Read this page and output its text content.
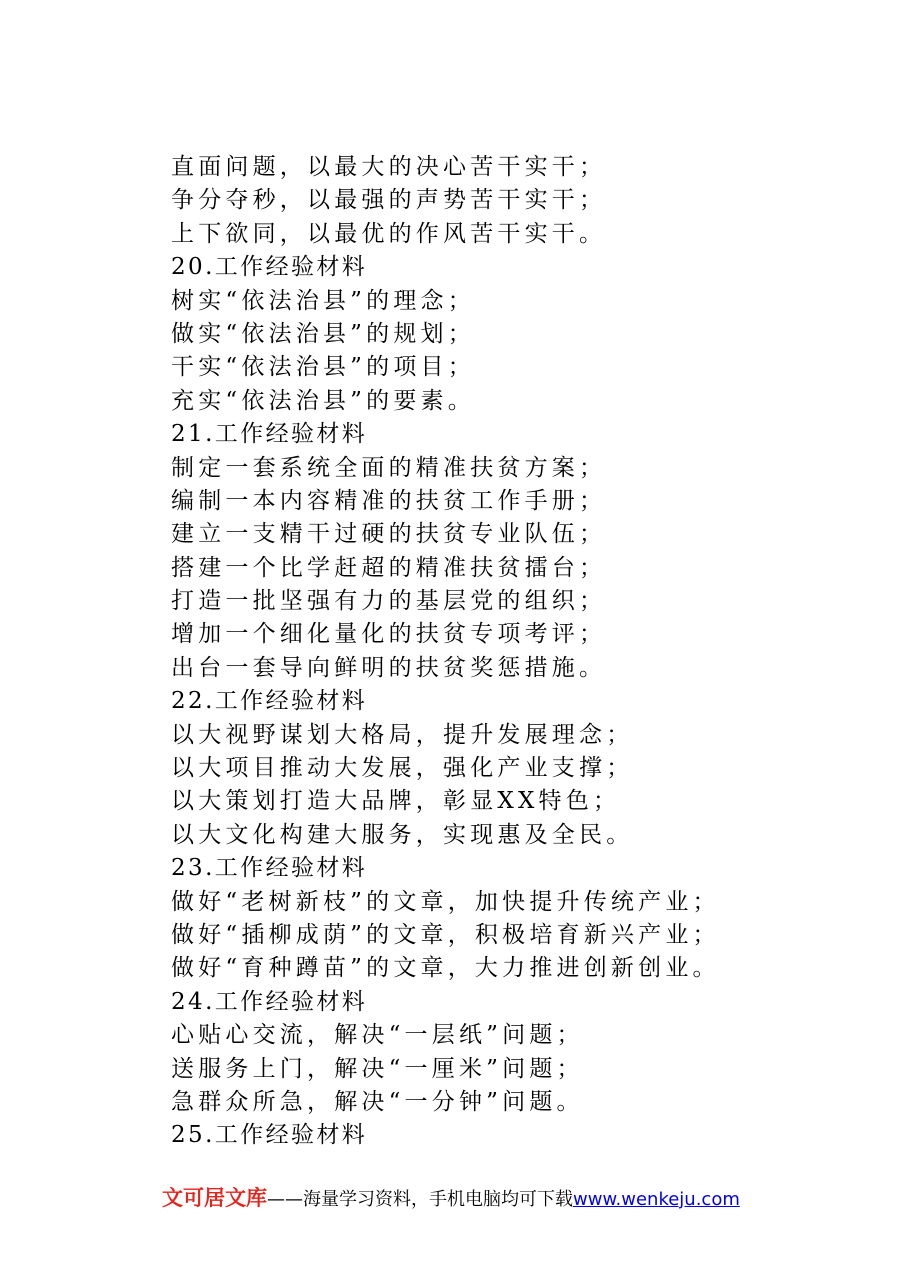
直面问题，以最大的决心苦干实干；
争分夺秒，以最强的声势苦干实干；
上下欲同，以最优的作风苦干实干。
20.工作经验材料
树实“依法治县”的理念；
做实“依法治县”的规划；
干实“依法治县”的项目；
充实“依法治县”的要素。
21.工作经验材料
制定一套系统全面的精准扶贫方案；
编制一本内容精准的扶贫工作手册；
建立一支精干过硬的扶贫专业队伍；
搭建一个比学赶超的精准扶贫擂台；
打造一批坚强有力的基层党的组织；
增加一个细化量化的扶贫专项考评；
出台一套导向鲜明的扶贫奖惩措施。
22.工作经验材料
以大视野谋划大格局，提升发展理念；
以大项目推动大发展，强化产业支撑；
以大策划打造大品牌，彰显XX特色；
以大文化构建大服务，实现惠及全民。
23.工作经验材料
做好“老树新枝”的文章，加快提升传统产业；
做好“插柳成荫”的文章，积极培育新兴产业；
做好“育种蹲苗”的文章，大力推进创新创业。
24.工作经验材料
心贴心交流，解决“一层纸”问题；
送服务上门，解决“一厘米”问题；
急群众所急，解决“一分钟”问题。
25.工作经验材料
文可居文库——海量学习资料，手机电脑均可下载www.wenkeju.com
